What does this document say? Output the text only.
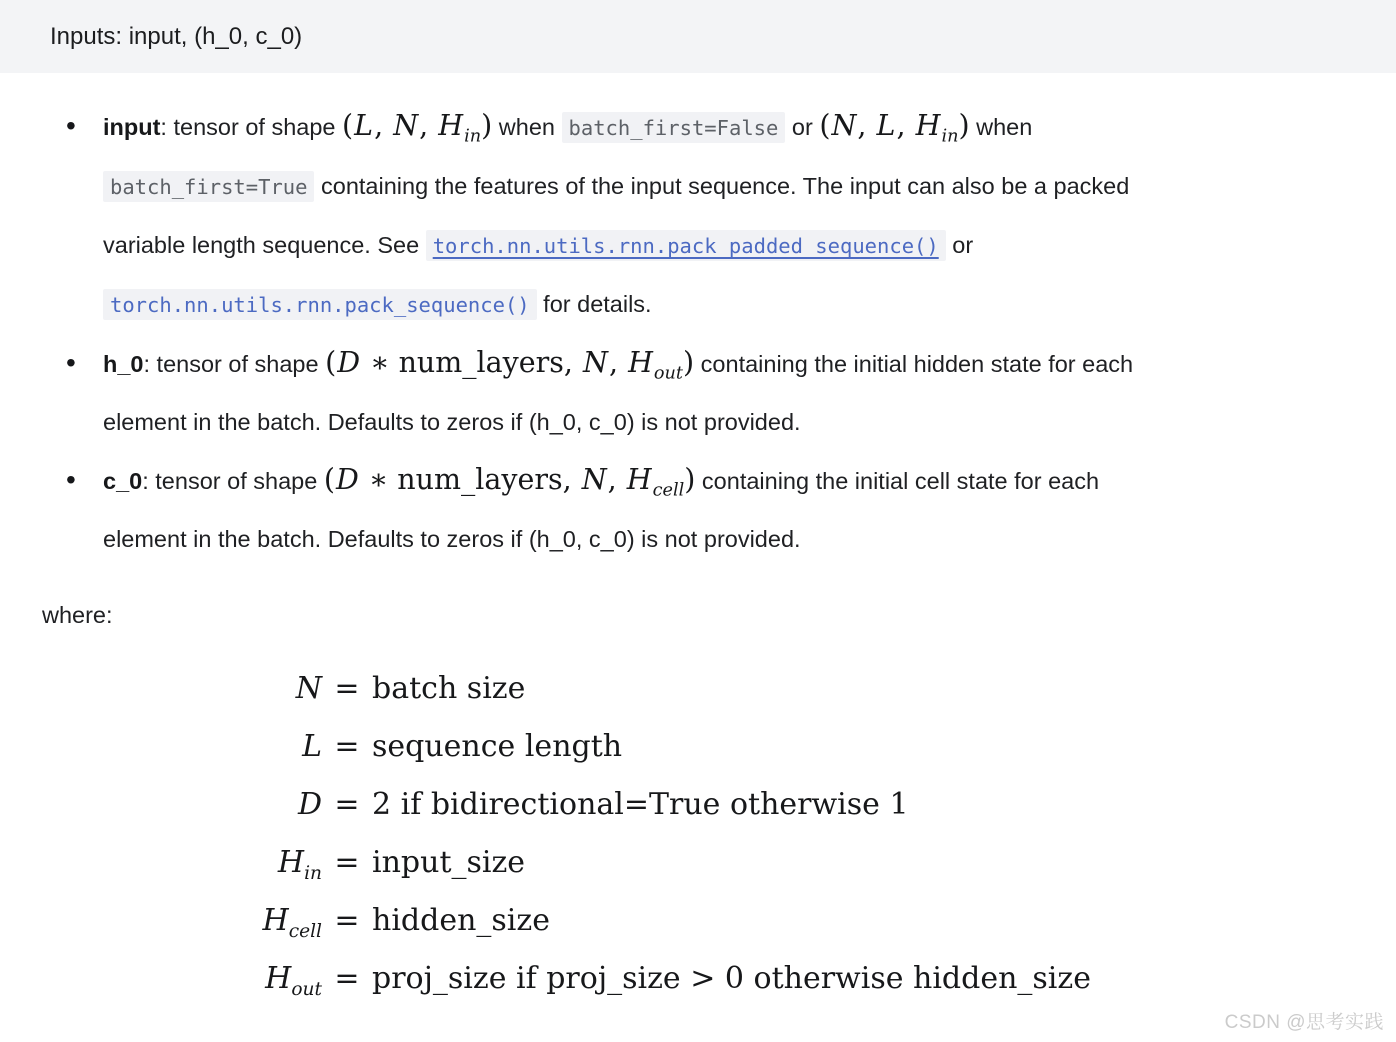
Inputs: input, (h_0, c_0)
• input: tensor of shape (L, N, $H_{in}$) when batch_first=False or (N, L, $H_{in}$) when
batch_first=True containing the features of the input sequence. The input can also be a packed
variable length sequence. See torch.nn.utils.rnn.pack_padded_sequence() or
torch.nn.utils.rnn.pack_sequence() for details.
• h_0: tensor of shape (D ∗ num_layers, N, $H_{out}$) containing the initial hidden state for each
element in the batch. Defaults to zeros if (h_0, c_0) is not provided.
• c_0: tensor of shape (D ∗ num_layers, N, $H_{cell}$) containing the initial cell state for each
element in the batch. Defaults to zeros if (h_0, c_0) is not provided.
where:
N = batch size
L = sequence length
D = 2 if bidirectional=True otherwise 1
$H_{in}$ = input_size
$H_{cell}$ = hidden_size
$H_{out}$ = proj_size if proj_size > 0 otherwise hidden_size
CSDN @思考实践
